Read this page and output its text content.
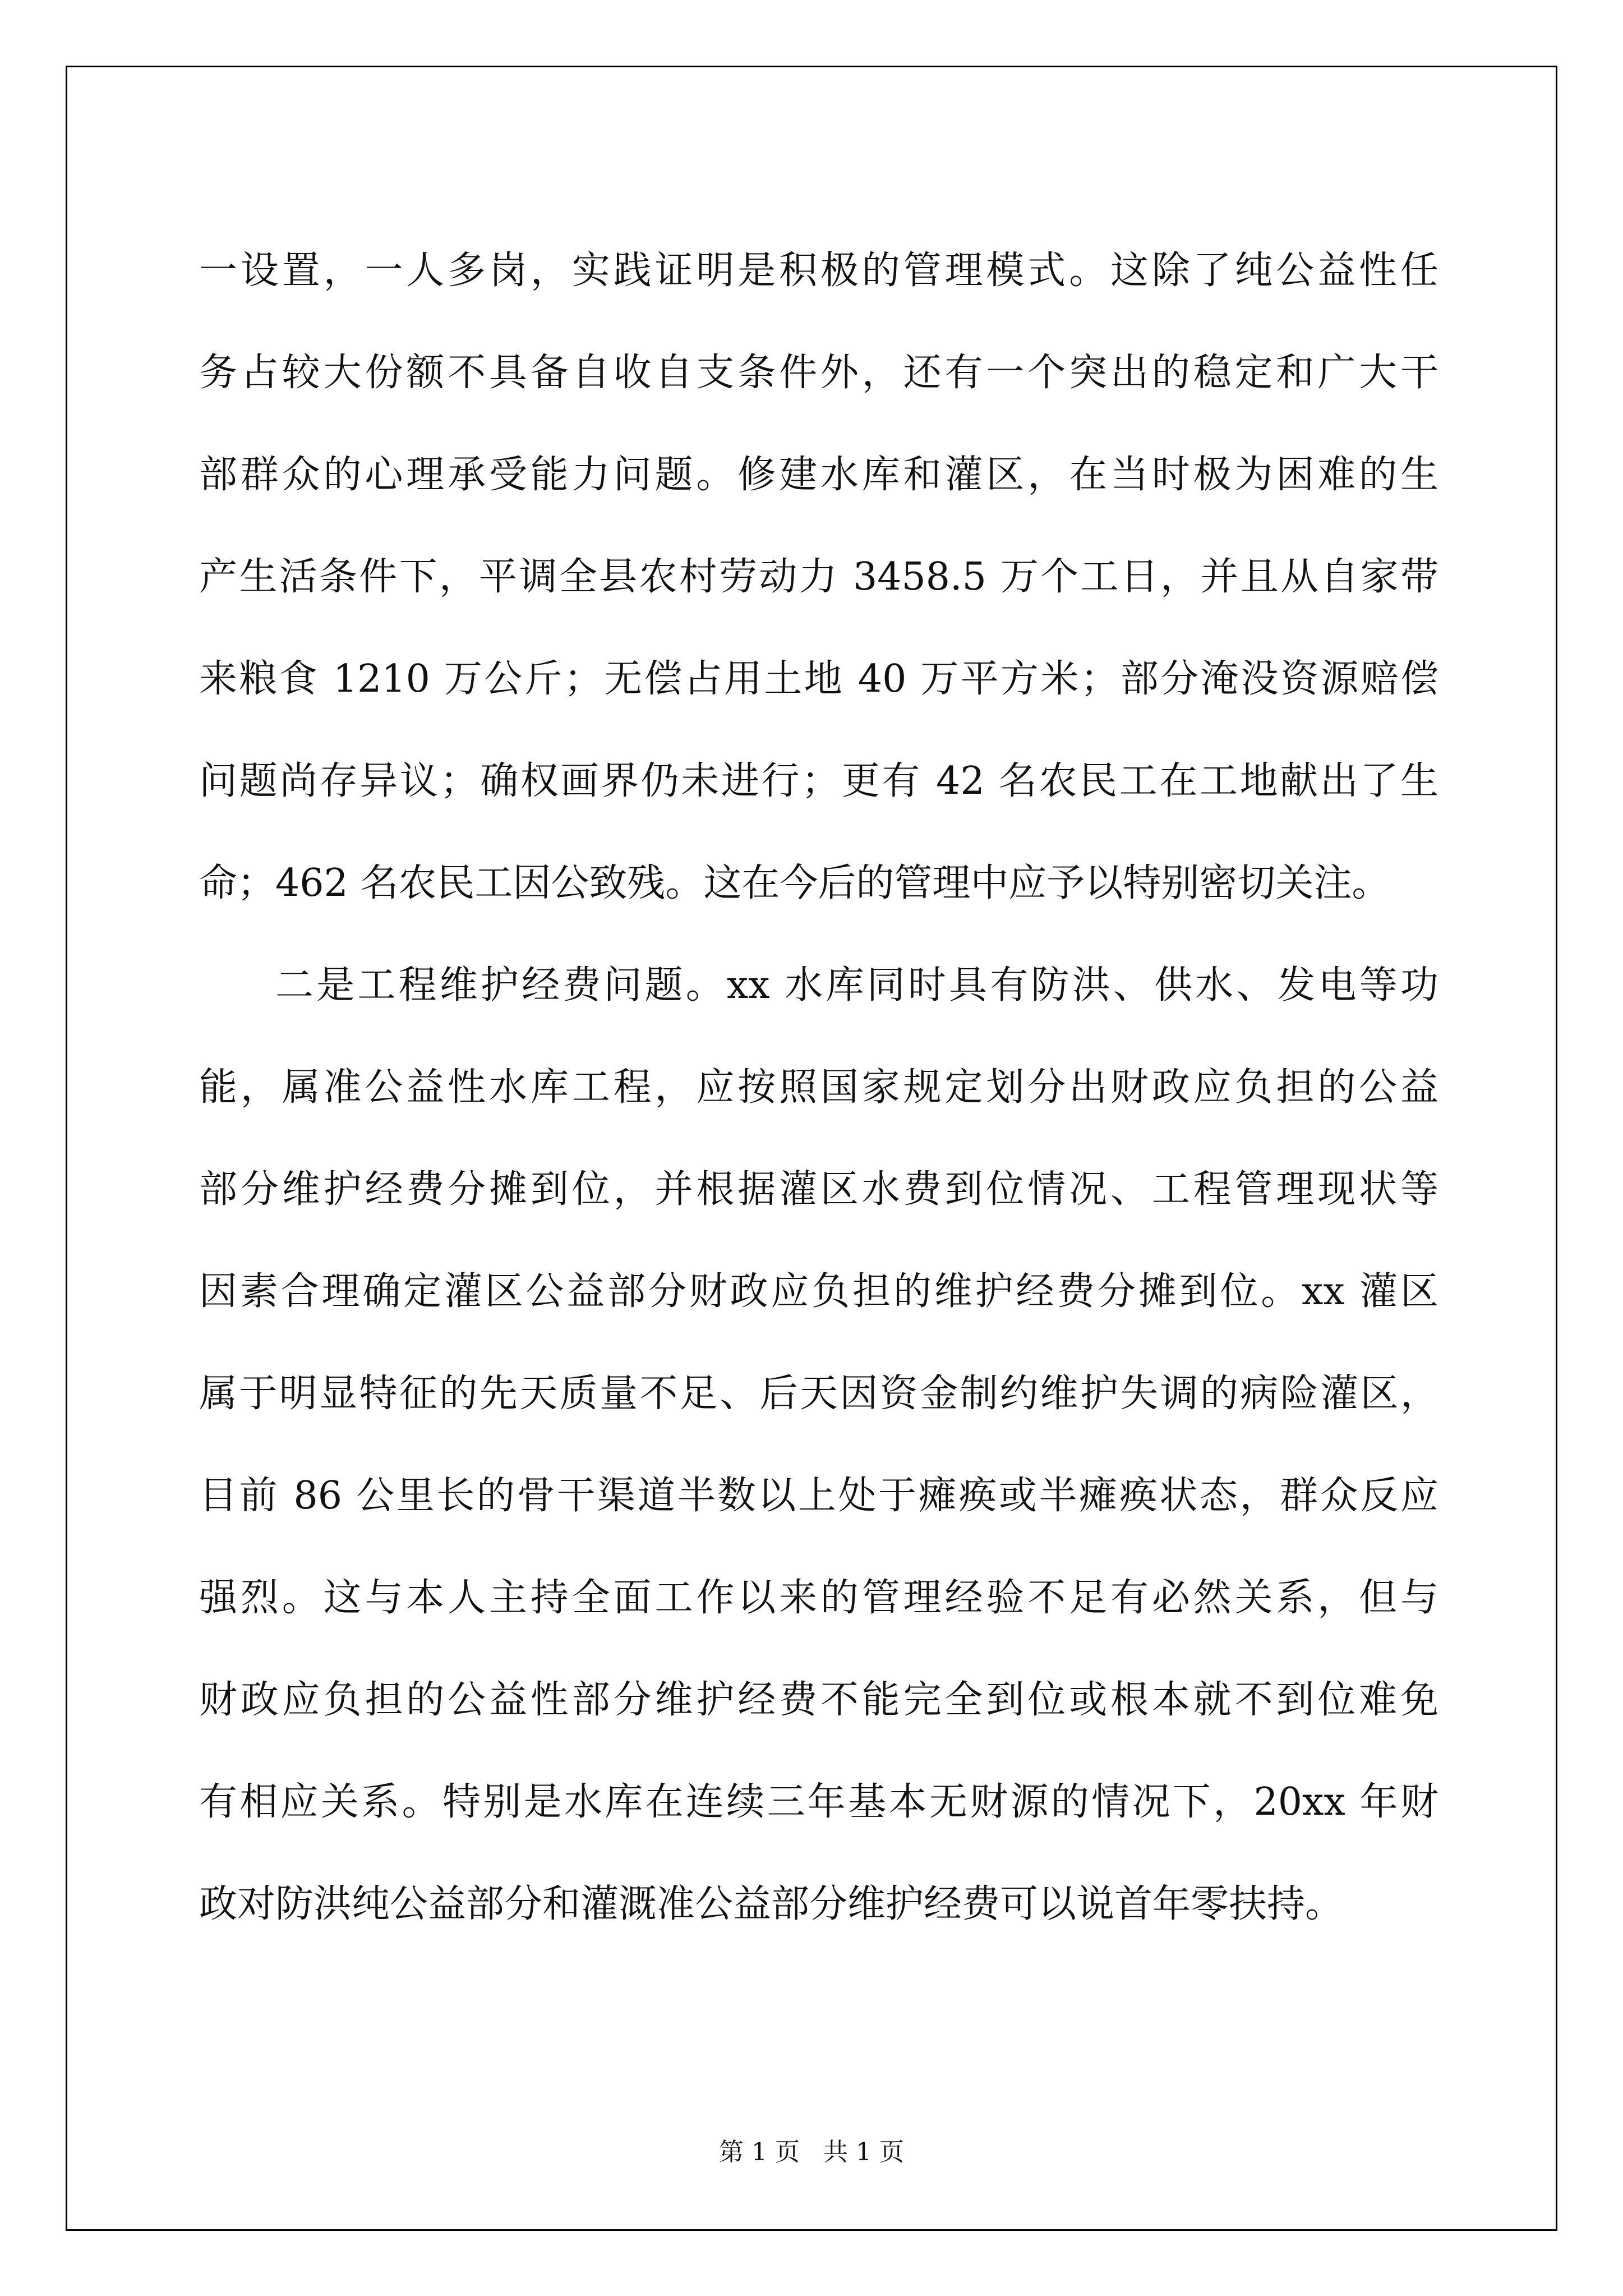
一设置，一人多岗，实践证明是积极的管理模式。这除了纯公益性任
务占较大份额不具备自收自支条件外，还有一个突出的稳定和广大干
部群众的心理承受能力问题。修建水库和灌区，在当时极为困难的生
产生活条件下，平调全县农村劳动力 3458.5 万个工日，并且从自家带
来粮食 1210 万公斤；无偿占用土地 40 万平方米；部分淹没资源赔偿
问题尚存异议；确权画界仍未进行；更有 42 名农民工在工地献出了生
命；462 名农民工因公致残。这在今后的管理中应予以特别密切关注。
二是工程维护经费问题。xx 水库同时具有防洪、供水、发电等功
能，属准公益性水库工程，应按照国家规定划分出财政应负担的公益
部分维护经费分摊到位，并根据灌区水费到位情况、工程管理现状等
因素合理确定灌区公益部分财政应负担的维护经费分摊到位。xx 灌区
属于明显特征的先天质量不足、后天因资金制约维护失调的病险灌区，
目前 86 公里长的骨干渠道半数以上处于瘫痪或半瘫痪状态，群众反应
强烈。这与本人主持全面工作以来的管理经验不足有必然关系，但与
财政应负担的公益性部分维护经费不能完全到位或根本就不到位难免
有相应关系。特别是水库在连续三年基本无财源的情况下，20xx 年财
政对防洪纯公益部分和灌溉准公益部分维护经费可以说首年零扶持。
第 1 页   共 1 页
